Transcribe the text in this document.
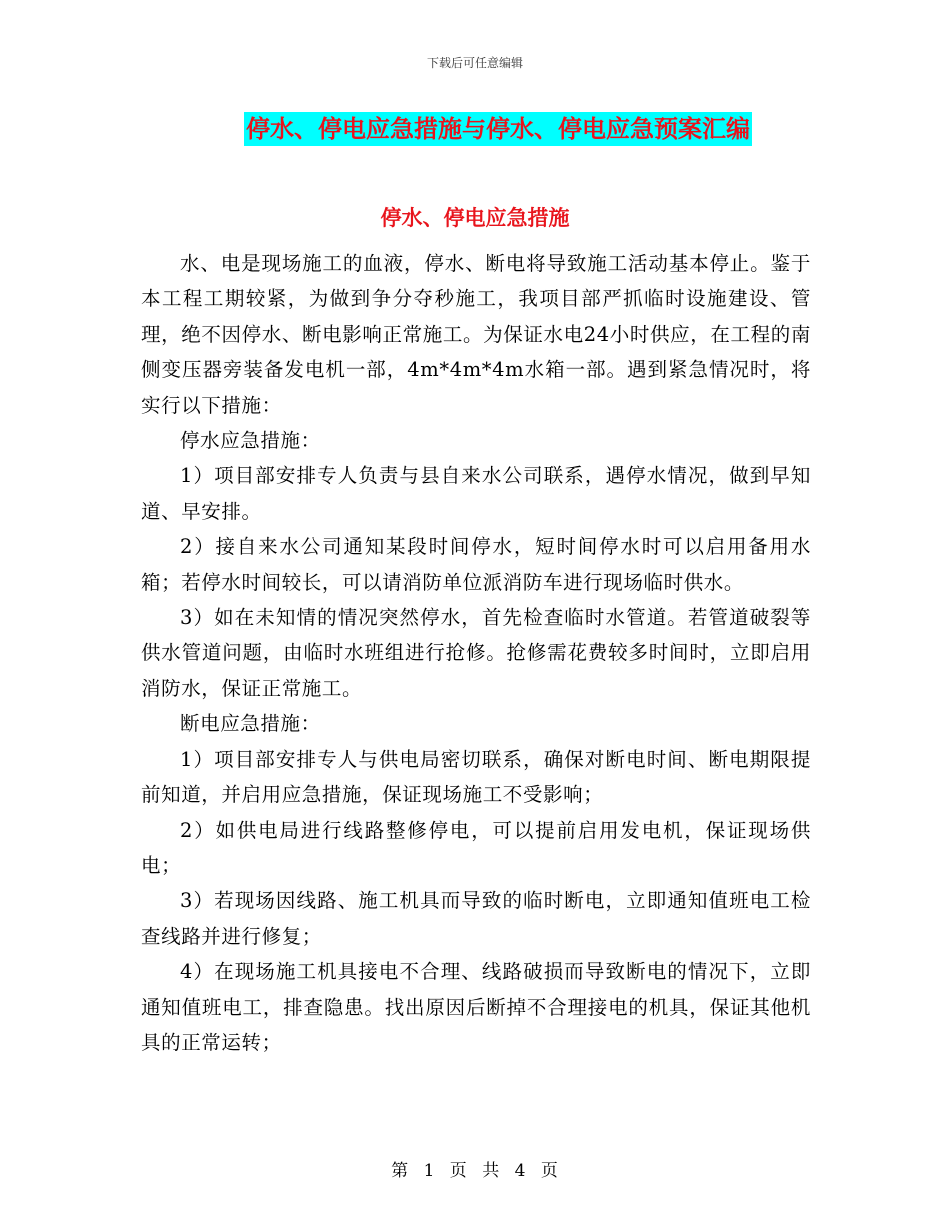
下载后可任意编辑
停水、停电应急措施与停水、停电应急预案汇编
停水、停电应急措施

水、电是现场施工的血液，停水、断电将导致施工活动基本停止。鉴于本工程工期较紧，为做到争分夺秒施工，我项目部严抓临时设施建设、管理，绝不因停水、断电影响正常施工。为保证水电24小时供应，在工程的南侧变压器旁装备发电机一部，4m*4m*4m水箱一部。遇到紧急情况时，将实行以下措施：

停水应急措施：

1）项目部安排专人负责与县自来水公司联系，遇停水情况，做到早知道、早安排。

2）接自来水公司通知某段时间停水，短时间停水时可以启用备用水箱；若停水时间较长，可以请消防单位派消防车进行现场临时供水。

3）如在未知情的情况突然停水，首先检查临时水管道。若管道破裂等供水管道问题，由临时水班组进行抢修。抢修需花费较多时间时，立即启用消防水，保证正常施工。

断电应急措施：

1）项目部安排专人与供电局密切联系，确保对断电时间、断电期限提前知道，并启用应急措施，保证现场施工不受影响；

2）如供电局进行线路整修停电，可以提前启用发电机，保证现场供电；

3）若现场因线路、施工机具而导致的临时断电，立即通知值班电工检查线路并进行修复；

4）在现场施工机具接电不合理、线路破损而导致断电的情况下，立即通知值班电工，排查隐患。找出原因后断掉不合理接电的机具，保证其他机具的正常运转；

第 1 页 共 4 页
